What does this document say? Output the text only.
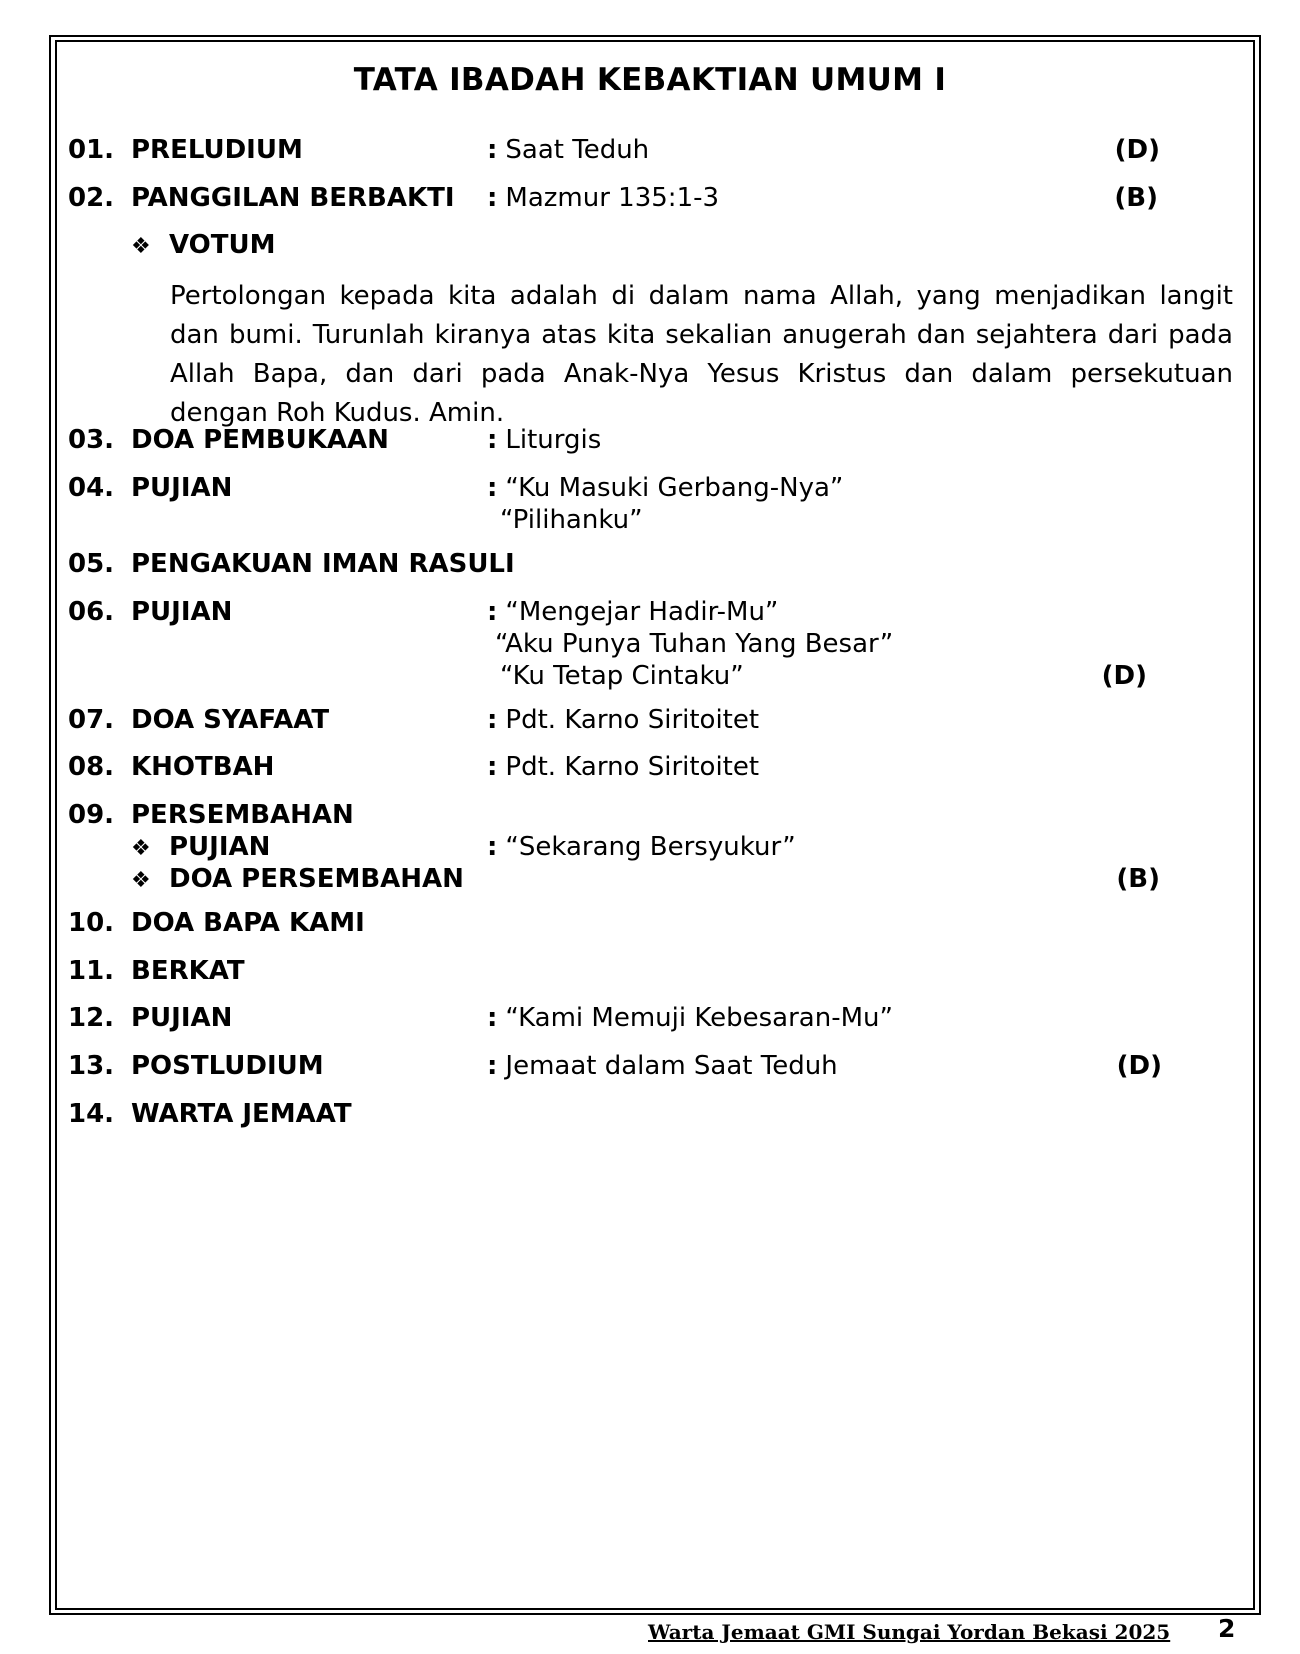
TATA IBADAH KEBAKTIAN UMUM I
01. PRELUDIUM	: Saat Teduh	(D)
02. PANGGILAN BERBAKTI : Mazmur 135:1-3	(B)
❖ VOTUM
Pertolongan kepada kita adalah di dalam nama Allah, yang menjadikan langit dan bumi. Turunlah kiranya atas kita sekalian anugerah dan sejahtera dari pada Allah Bapa, dan dari pada Anak-Nya Yesus Kristus dan dalam persekutuan dengan Roh Kudus. Amin.
03. DOA PEMBUKAAN	: Liturgis
04. PUJIAN	: “Ku Masuki Gerbang-Nya”
“Pilihanku”
05. PENGAKUAN IMAN RASULI
06. PUJIAN	: “Mengejar Hadir-Mu”
“Aku Punya Tuhan Yang Besar”
“Ku Tetap Cintaku”	(D)
07. DOA SYAFAAT	: Pdt. Karno Siritoitet
08. KHOTBAH	: Pdt. Karno Siritoitet
09. PERSEMBAHAN
❖ PUJIAN	: “Sekarang Bersyukur”
❖ DOA PERSEMBAHAN	(B)
10. DOA BAPA KAMI
11. BERKAT
12. PUJIAN	: “Kami Memuji Kebesaran-Mu”
13. POSTLUDIUM	: Jemaat dalam Saat Teduh	(D)
14. WARTA JEMAAT
Warta Jemaat GMI Sungai Yordan Bekasi 2025 2
